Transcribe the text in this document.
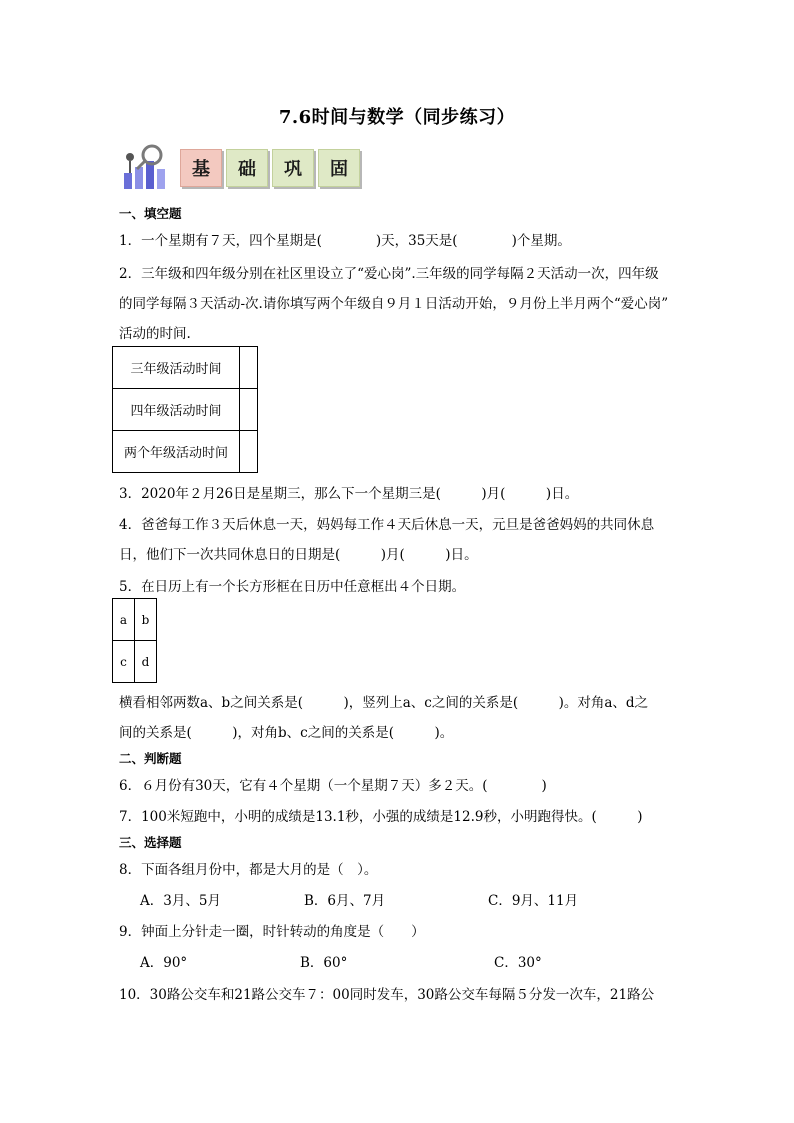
7.6时间与数学（同步练习）
基	础	巩	固
一、填空题
1．一个星期有７天，四个星期是(　　　　)天，35天是(　　　　)个星期。
2．三年级和四年级分别在社区里设立了“爱心岗”.三年级的同学每隔２天活动一次，四年级
的同学每隔３天活动-次.请你填写两个年级自９月１日活动开始，９月份上半月两个“爱心岗”
活动的时间.
三年级活动时间	
四年级活动时间	
两个年级活动时间	
3．2020年２月26日是星期三，那么下一个星期三是(　　　)月(　　　)日。
4．爸爸每工作３天后休息一天，妈妈每工作４天后休息一天，元旦是爸爸妈妈的共同休息
日，他们下一次共同休息日的日期是(　　　)月(　　　)日。
5．在日历上有一个长方形框在日历中任意框出４个日期。
a	b
c	d
横看相邻两数a、b之间关系是(　　　)，竖列上a、c之间的关系是(　　　)。对角a、d之
间的关系是(　　　)，对角b、c之间的关系是(　　　)。
二、判断题
6．６月份有30天，它有４个星期（一个星期７天）多２天。(　　　　)
7．100米短跑中，小明的成绩是13.1秒，小强的成绩是12.9秒，小明跑得快。(　　　)
三、选择题
8．下面各组月份中，都是大月的是（　）。
A．3月、5月	B．6月、7月	C．9月、11月
9．钟面上分针走一圈，时针转动的角度是（　　）
A．90°	B．60°	C．30°
10．30路公交车和21路公交车７：00同时发车，30路公交车每隔５分发一次车，21路公
